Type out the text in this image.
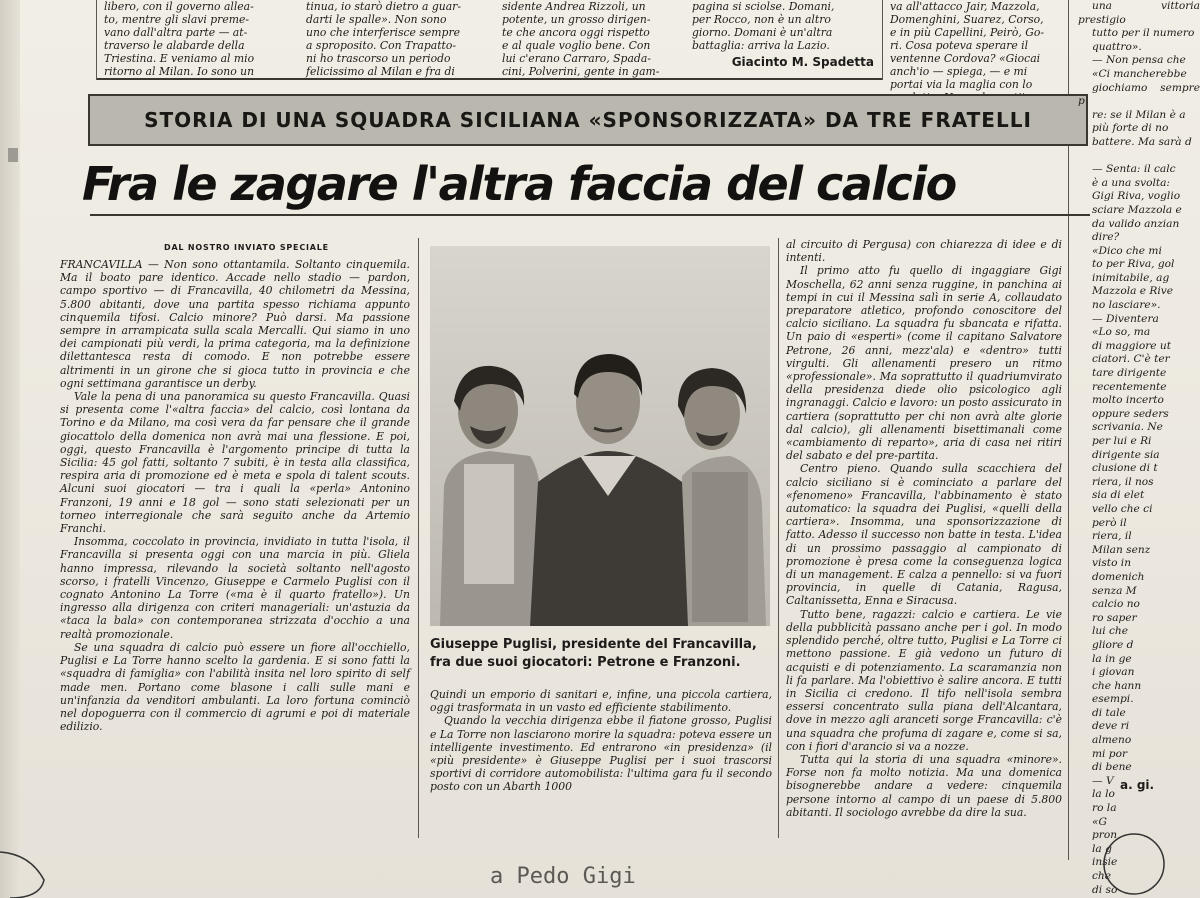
libero, con il governo allea-

to, mentre gli slavi preme-

vano dall'altra parte — at-

traverso le alabarde della

Triestina. E veniamo al mio

ritorno al Milan. Io sono un

tinua, io starò dietro a guar-

darti le spalle». Non sono

uno che interferisce sempre

a sproposito. Con Trapatto-

ni ho trascorso un periodo

felicissimo al Milan e fra di

sidente Andrea Rizzoli, un

potente, un grosso dirigen-

te che ancora oggi rispetto

e al quale voglio bene. Con

lui c'erano Carraro, Spada-

cini, Polverini, gente in gam-

pagina si sciolse. Domani,

per Rocco, non è un altro

giorno. Domani è un'altra

battaglia: arriva la Lazio.

Giacinto M. Spadetta

va all'attacco Jair, Mazzola,

Domenghini, Suarez, Corso,

e in più Capellini, Peirò, Go-

ri. Cosa poteva sperare il

ventenne Cordova? «Giocai

anch'io — spiega, — e mi

portai via la maglia con lo

STORIA DI UNA SQUADRA SICILIANA «SPONSORIZZATA» DA TRE FRATELLI
Fra le zagare l'altra faccia del calcio
DAL NOSTRO INVIATO SPECIALE

FRANCAVILLA — Non sono ottantamila. Soltanto cinquemila. Ma il boato pare identico. Accade nello stadio — pardon, campo sportivo — di Francavilla, 40 chilometri da Messina, 5.800 abitanti, dove una partita spesso richiama appunto cinquemila tifosi. Calcio minore? Può darsi. Ma passione sempre in arrampicata sulla scala Mercalli. Qui siamo in uno dei campionati più verdi, la prima categoria, ma la definizione dilettantesca resta di comodo. E non potrebbe essere altrimenti in un girone che si gioca tutto in provincia e che ogni settimana garantisce un derby.

Vale la pena di una panoramica su questo Francavilla. Quasi si presenta come l'«altra faccia» del calcio, così lontana da Torino e da Milano, ma così vera da far pensare che il grande giocattolo della domenica non avrà mai una flessione. E poi, oggi, questo Francavilla è l'argomento principe di tutta la Sicilia: 45 gol fatti, soltanto 7 subiti, è in testa alla classifica, respira aria di promozione ed è meta e spola di talent scouts. Alcuni suoi giocatori — tra i quali la «perla» Antonino Franzoni, 19 anni e 18 gol — sono stati selezionati per un torneo interregionale che sarà seguito anche da Artemio Franchi.

Insomma, coccolato in provincia, invidiato in tutta l'isola, il Francavilla si presenta oggi con una marcia in più. Gliela hanno impressa, rilevando la società soltanto nell'agosto scorso, i fratelli Vincenzo, Giuseppe e Carmelo Puglisi con il cognato Antonino La Torre («ma è il quarto fratello»). Un ingresso alla dirigenza con criteri manageriali: un'astuzia da «taca la bala» con contemporanea strizzata d'occhio a una realtà promozionale.

Se una squadra di calcio può essere un fiore all'occhiello, Puglisi e La Torre hanno scelto la gardenia. E si sono fatti la «squadra di famiglia» con l'abilità insita nel loro spirito di self made men. Portano come blasone i calli sulle mani e un'infanzia da venditori ambulanti. La loro fortuna cominciò nel dopoguerra con il commercio di agrumi e poi di materiale edilizio.

Giuseppe Puglisi, presidente del Francavilla, fra due suoi giocatori: Petrone e Franzoni.

Quindi un emporio di sanitari e, infine, una piccola cartiera, oggi trasformata in un vasto ed efficiente stabilimento.

Quando la vecchia dirigenza ebbe il fiatone grosso, Puglisi e La Torre non lasciarono morire la squadra: poteva essere un intelligente investimento. Ed entrarono «in presidenza» (il «più presidente» è Giuseppe Puglisi per i suoi trascorsi sportivi di corridore automobilista: l'ultima gara fu il secondo posto con un Abarth 1000

al circuito di Pergusa) con chiarezza di idee e di intenti.

Il primo atto fu quello di ingaggiare Gigi Moschella, 62 anni senza ruggine, in panchina ai tempi in cui il Messina salì in serie A, collaudato preparatore atletico, profondo conoscitore del calcio siciliano. La squadra fu sbancata e rifatta. Un paio di «esperti» (come il capitano Salvatore Petrone, 26 anni, mezz'ala) e «dentro» tutti virgulti. Gli allenamenti presero un ritmo «professionale». Ma soprattutto il quadriumvirato della presidenza diede olio psicologico agli ingranaggi. Calcio e lavoro: un posto assicurato in cartiera (soprattutto per chi non avrà alte glorie dal calcio), gli allenamenti bisettimanali come «cambiamento di reparto», aria di casa nei ritiri del sabato e del pre-partita.

Centro pieno. Quando sulla scacchiera del calcio siciliano si è cominciato a parlare del «fenomeno» Francavilla, l'abbinamento è stato automatico: la squadra dei Puglisi, «quelli della cartiera». Insomma, una sponsorizzazione di fatto. Adesso il successo non batte in testa. L'idea di un prossimo passaggio al campionato di promozione è presa come la conseguenza logica di un management. E calza a pennello: si va fuori provincia, in quelle di Catania, Ragusa, Caltanissetta, Enna e Siracusa.

Tutto bene, ragazzi: calcio e cartiera. Le vie della pubblicità passano anche per i gol. In modo splendido perché, oltre tutto, Puglisi e La Torre ci mettono passione. E già vedono un futuro di acquisti e di potenziamento. La scaramanzia non li fa parlare. Ma l'obiettivo è salire ancora. E tutti in Sicilia ci credono. Il tifo nell'isola sembra essersi concentrato sulla piana dell'Alcantara, dove in mezzo agli aranceti sorge Francavilla: c'è una squadra che profuma di zagare e, come si sa, con i fiori d'arancio si va a nozze.

Tutta qui la storia di una squadra «minore». Forse non fa molto notizia. Ma una domenica bisognerebbe andare a vedere: cinquemila persone intorno al campo di un paese di 5.800 abitanti. Il sociologo avrebbe da dire la sua.

a. gi.

una vittoria prestigio

tutto per il numero

quattro».

— Non pensa che

«Ci mancherebbe

giochiamo sempre p

re: se il Milan è a

più forte di no

battere. Ma sarà d

— Senta: il calc

è a una svolta:

Gigi Riva, voglio

sciare Mazzola e

da valido anzian

dire?

«Dico che mi

to per Riva, gol

inimitabile, ag

Mazzola e Rive

no lasciare».

— Diventera

«Lo so, ma

di maggiore ut

ciatori. C'è ter

tare dirigente

recentemente

molto incerto

oppure seders

scrivania. Ne

per lui e Ri

dirigente sia

clusione di t

riera, il nos

sia di elet

vello che ci

però il

riera, il

Milan senz

visto in

domenich

senza M

calcio no

ro saper

lui che

gliore d

la in ge

i giovan

che hann

esempi.

di tale

deve ri

almeno

mi por

di bene

— V

la lo

ro la

«G

pron

la g

insie

che

di so

a Pedo Gigi
